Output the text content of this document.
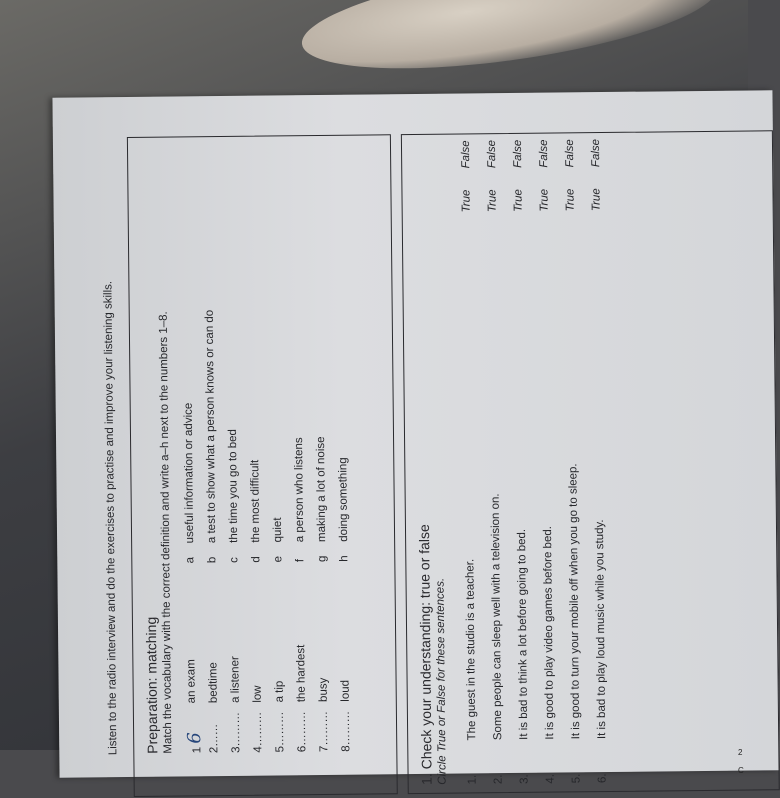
Listen to the radio interview and do the exercises to practise and improve your listening skills. Preparation: matching
Match the vocabulary with the correct definition and write a–h next to the numbers 1–8.	1 6
an exam
2……
bedtime
3………
a listener
4………
low
5………
a tip
6………
the hardest
7………
busy
8………
loud
a
useful information or advice
b
a test to show what a person knows or can do
c
the time you go to bed
d
the most difficult
e
quiet
f
a person who listens
g
making a lot of noise
h
doing something
1. Check your understanding: true or false Circle True or False for these sentences. 1.
The guest in the studio is a teacher.
2.
Some people can sleep well with a television on.
3.
It is bad to think a lot before going to bed.
4.
It is good to play video games before bed.
5.
It is good to turn your mobile off when you go to sleep.
6.
It is bad to play loud music while you study.
True
False
True
False
True
False
True
False
True
False
True
False
2 C
